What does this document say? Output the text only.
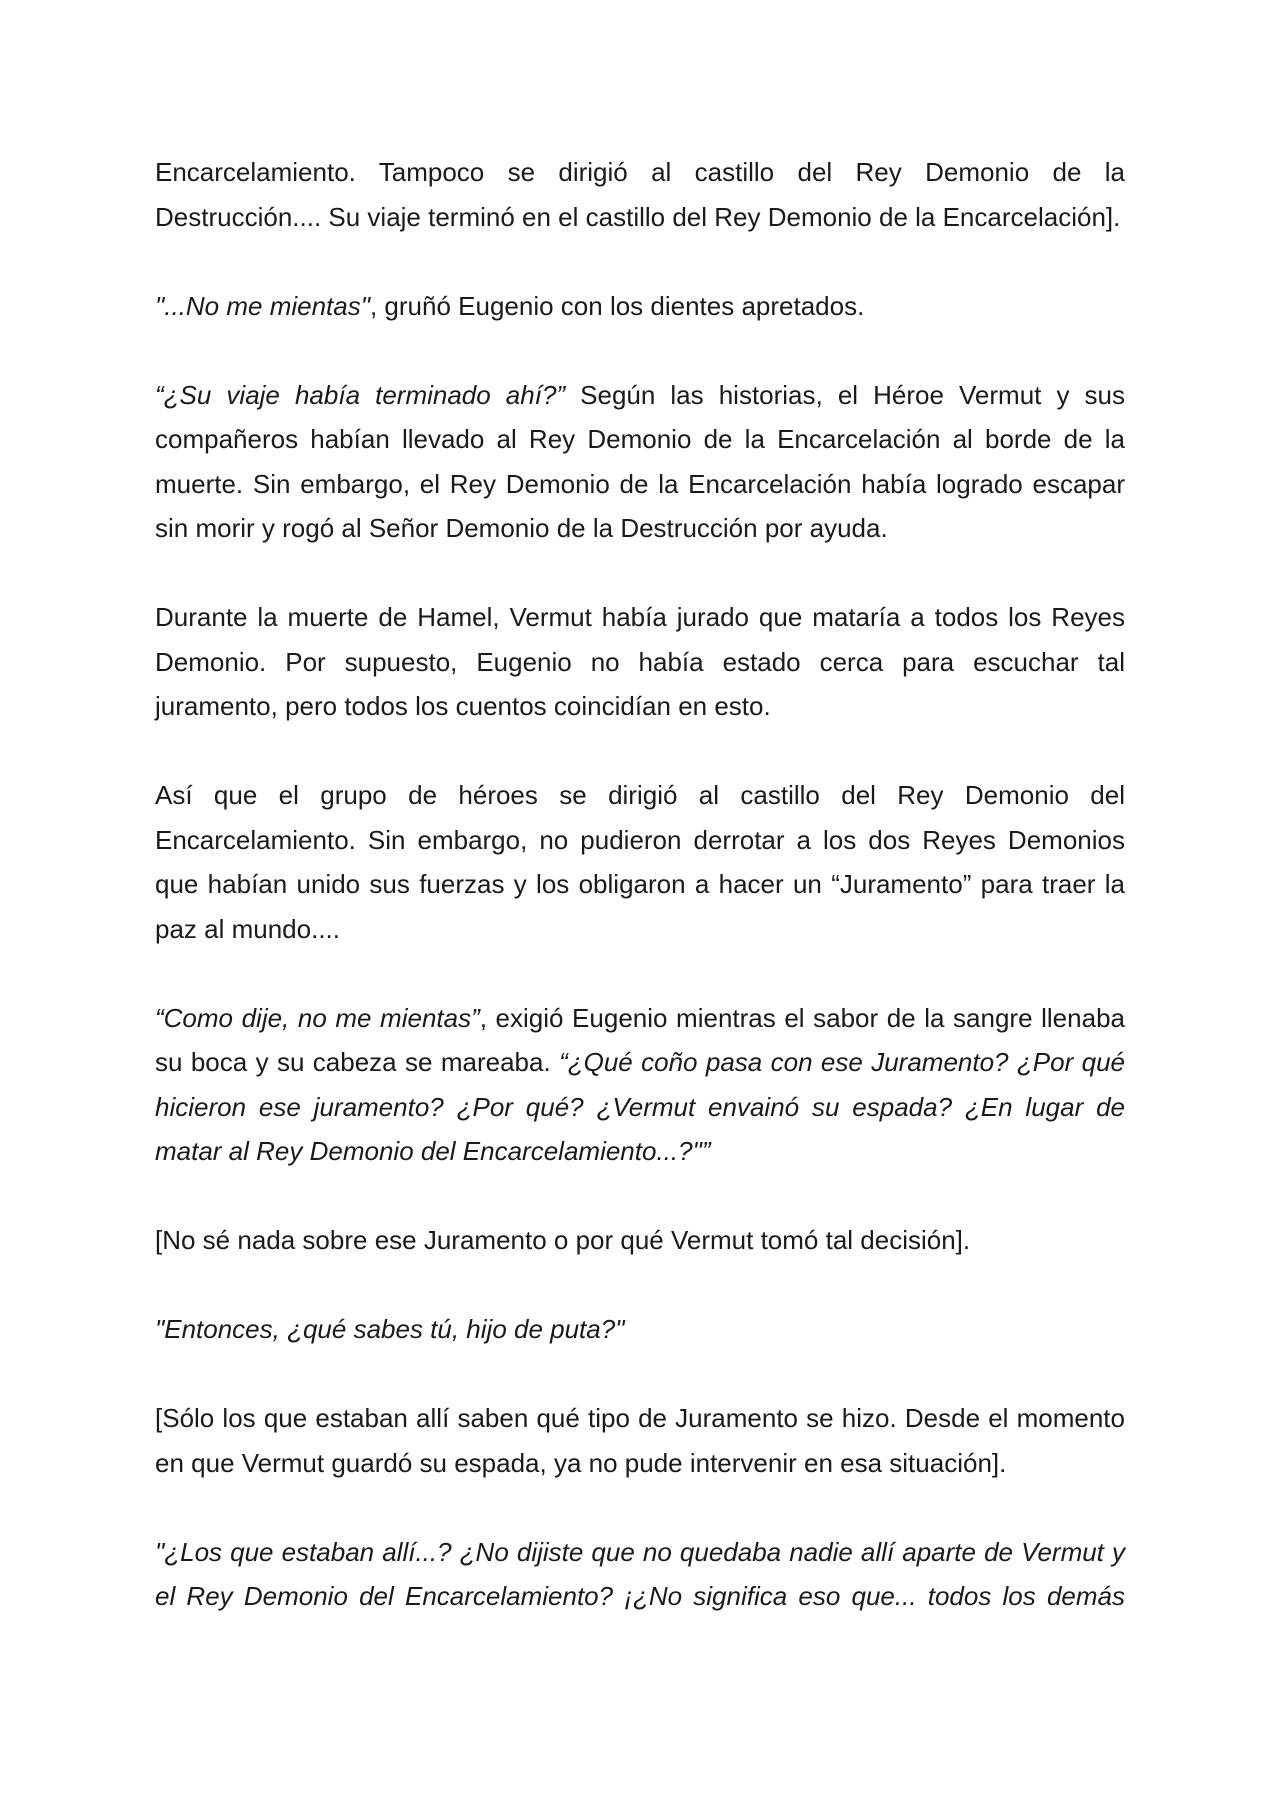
Encarcelamiento. Tampoco se dirigió al castillo del Rey Demonio de la Destrucción.... Su viaje terminó en el castillo del Rey Demonio de la Encarcelación].

"...No me mientas", gruñó Eugenio con los dientes apretados.

“¿Su viaje había terminado ahí?” Según las historias, el Héroe Vermut y sus compañeros habían llevado al Rey Demonio de la Encarcelación al borde de la muerte. Sin embargo, el Rey Demonio de la Encarcelación había logrado escapar sin morir y rogó al Señor Demonio de la Destrucción por ayuda.

Durante la muerte de Hamel, Vermut había jurado que mataría a todos los Reyes Demonio. Por supuesto, Eugenio no había estado cerca para escuchar tal juramento, pero todos los cuentos coincidían en esto.

Así que el grupo de héroes se dirigió al castillo del Rey Demonio del Encarcelamiento. Sin embargo, no pudieron derrotar a los dos Reyes Demonios que habían unido sus fuerzas y los obligaron a hacer un “Juramento” para traer la paz al mundo....

“Como dije, no me mientas”, exigió Eugenio mientras el sabor de la sangre llenaba su boca y su cabeza se mareaba. “¿Qué coño pasa con ese Juramento? ¿Por qué hicieron ese juramento? ¿Por qué? ¿Vermut envainó su espada? ¿En lugar de matar al Rey Demonio del Encarcelamiento...?"”

[No sé nada sobre ese Juramento o por qué Vermut tomó tal decisión].

"Entonces, ¿qué sabes tú, hijo de puta?"

[Sólo los que estaban allí saben qué tipo de Juramento se hizo. Desde el momento en que Vermut guardó su espada, ya no pude intervenir en esa situación].

"¿Los que estaban allí...? ¿No dijiste que no quedaba nadie allí aparte de Vermut y el Rey Demonio del Encarcelamiento? ¡¿No significa eso que... todos los demás
